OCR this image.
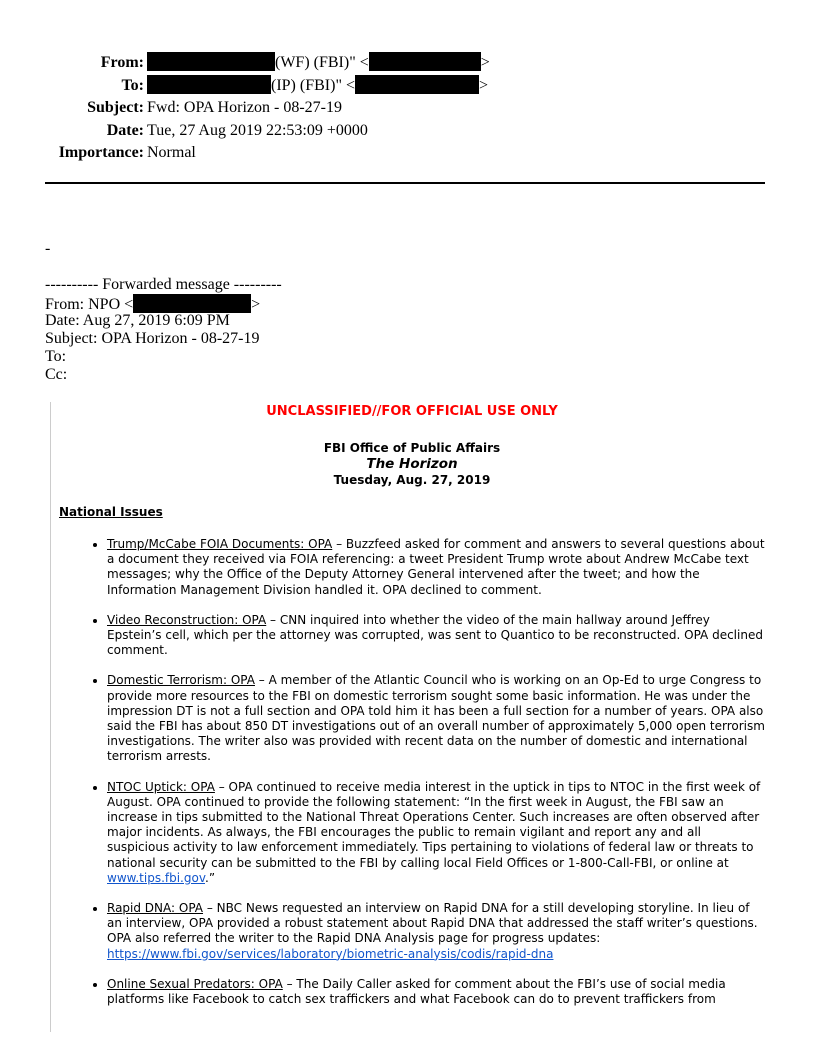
From:	(WF) (FBI)" <	>
To:	(IP) (FBI)" <	>
Subject: Fwd: OPA Horizon - 08-27-19
Date: Tue, 27 Aug 2019 22:53:09 +0000
Importance: Normal
-
---------- Forwarded message ---------
From: NPO <	>
Date: Aug 27, 2019 6:09 PM
Subject: OPA Horizon - 08-27-19
To:
Cc:
UNCLASSIFIED//FOR OFFICIAL USE ONLY
FBI Office of Public Affairs
The Horizon
Tuesday, Aug. 27, 2019
National Issues
• Trump/McCabe FOIA Documents: OPA – Buzzfeed asked for comment and answers to several questions about a document they received via FOIA referencing: a tweet President Trump wrote about Andrew McCabe text messages; why the Office of the Deputy Attorney General intervened after the tweet; and how the Information Management Division handled it. OPA declined to comment.
• Video Reconstruction: OPA – CNN inquired into whether the video of the main hallway around Jeffrey Epstein’s cell, which per the attorney was corrupted, was sent to Quantico to be reconstructed. OPA declined comment.
• Domestic Terrorism: OPA – A member of the Atlantic Council who is working on an Op-Ed to urge Congress to provide more resources to the FBI on domestic terrorism sought some basic information. He was under the impression DT is not a full section and OPA told him it has been a full section for a number of years. OPA also said the FBI has about 850 DT investigations out of an overall number of approximately 5,000 open terrorism investigations. The writer also was provided with recent data on the number of domestic and international terrorism arrests.
• NTOC Uptick: OPA – OPA continued to receive media interest in the uptick in tips to NTOC in the first week of August. OPA continued to provide the following statement: “In the first week in August, the FBI saw an increase in tips submitted to the National Threat Operations Center. Such increases are often observed after major incidents. As always, the FBI encourages the public to remain vigilant and report any and all suspicious activity to law enforcement immediately. Tips pertaining to violations of federal law or threats to national security can be submitted to the FBI by calling local Field Offices or 1-800-Call-FBI, or online at www.tips.fbi.gov.”
• Rapid DNA: OPA – NBC News requested an interview on Rapid DNA for a still developing storyline. In lieu of an interview, OPA provided a robust statement about Rapid DNA that addressed the staff writer’s questions. OPA also referred the writer to the Rapid DNA Analysis page for progress updates: https://www.fbi.gov/services/laboratory/biometric-analysis/codis/rapid-dna
• Online Sexual Predators: OPA – The Daily Caller asked for comment about the FBI’s use of social media platforms like Facebook to catch sex traffickers and what Facebook can do to prevent traffickers from
